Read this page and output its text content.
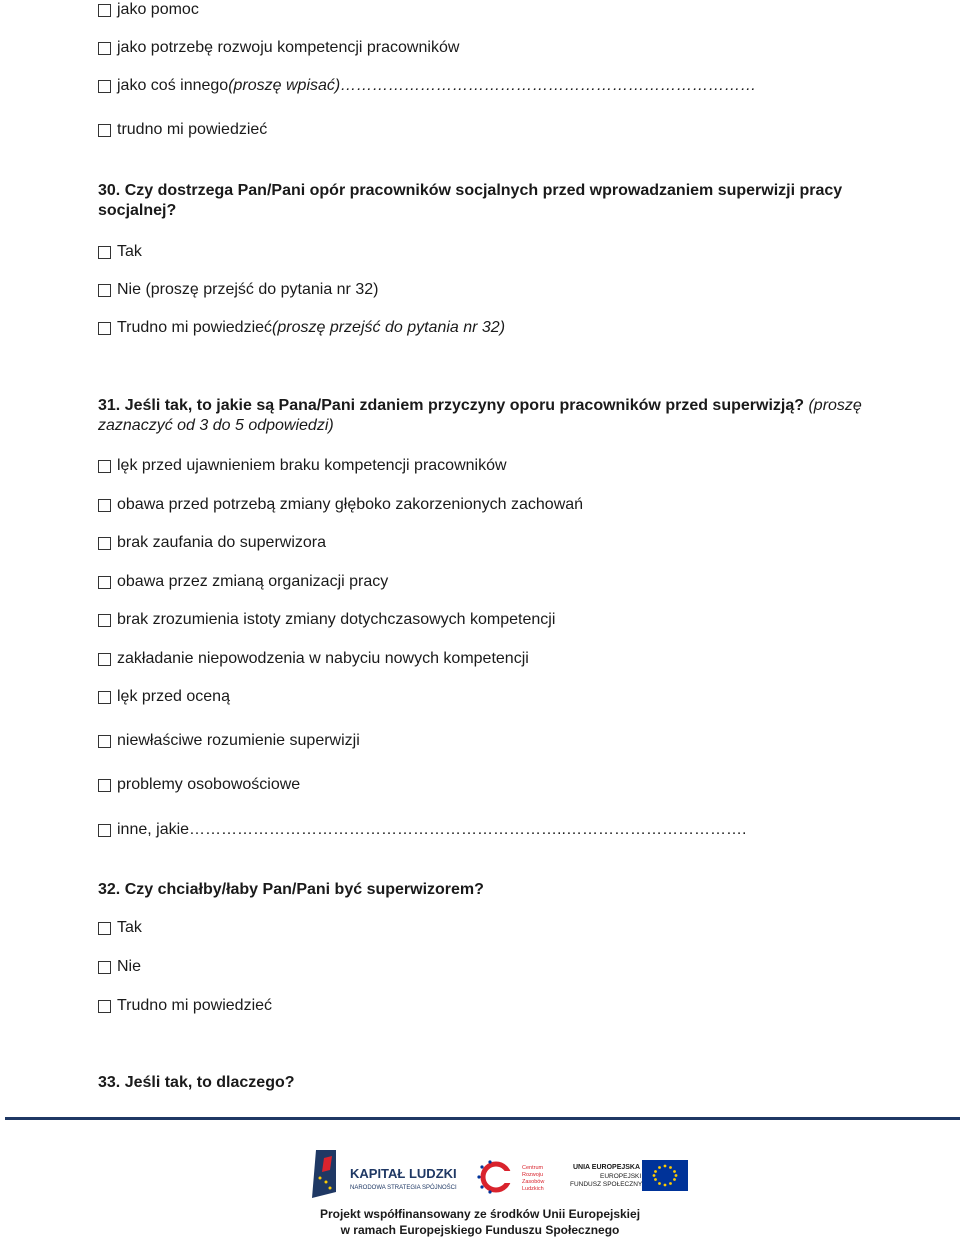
jako pomoc
jako potrzebę rozwoju kompetencji pracowników
jako coś innego (proszę wpisać)……………………………………………………………………
trudno mi powiedzieć
30. Czy dostrzega Pan/Pani opór pracowników socjalnych przed wprowadzaniem superwizji pracy socjalnej?
Tak
Nie (proszę przejść do pytania nr 32)
Trudno mi powiedzieć (proszę przejść do pytania nr 32)
31. Jeśli tak, to jakie są Pana/Pani zdaniem przyczyny oporu pracowników przed superwizją? (proszę zaznaczyć od 3 do 5 odpowiedzi)
lęk przed ujawnieniem braku kompetencji pracowników
obawa przed potrzebą zmiany głęboko zakorzenionych zachowań
brak zaufania do superwizora
obawa przez zmianą organizacji pracy
brak zrozumienia istoty zmiany dotychczasowych kompetencji
zakładanie niepowodzenia w nabyciu nowych kompetencji
lęk przed oceną
niewłaściwe rozumienie superwizji
problemy osobowościowe
inne, jakie……………………………………………………………..…………………………….
32. Czy chciałby/łaby Pan/Pani być superwizorem?
Tak
Nie
Trudno mi powiedzieć
33. Jeśli tak, to dlaczego?
KAPITAŁ LUDZKI
NARODOWA STRATEGIA SPÓJNOŚCI
Centrum
Rozwoju
Zasobów
Ludzkich
UNIA EUROPEJSKA
EUROPEJSKI
FUNDUSZ SPOŁECZNY
Projekt współfinansowany ze środków Unii Europejskiej
w ramach Europejskiego Funduszu Społecznego
